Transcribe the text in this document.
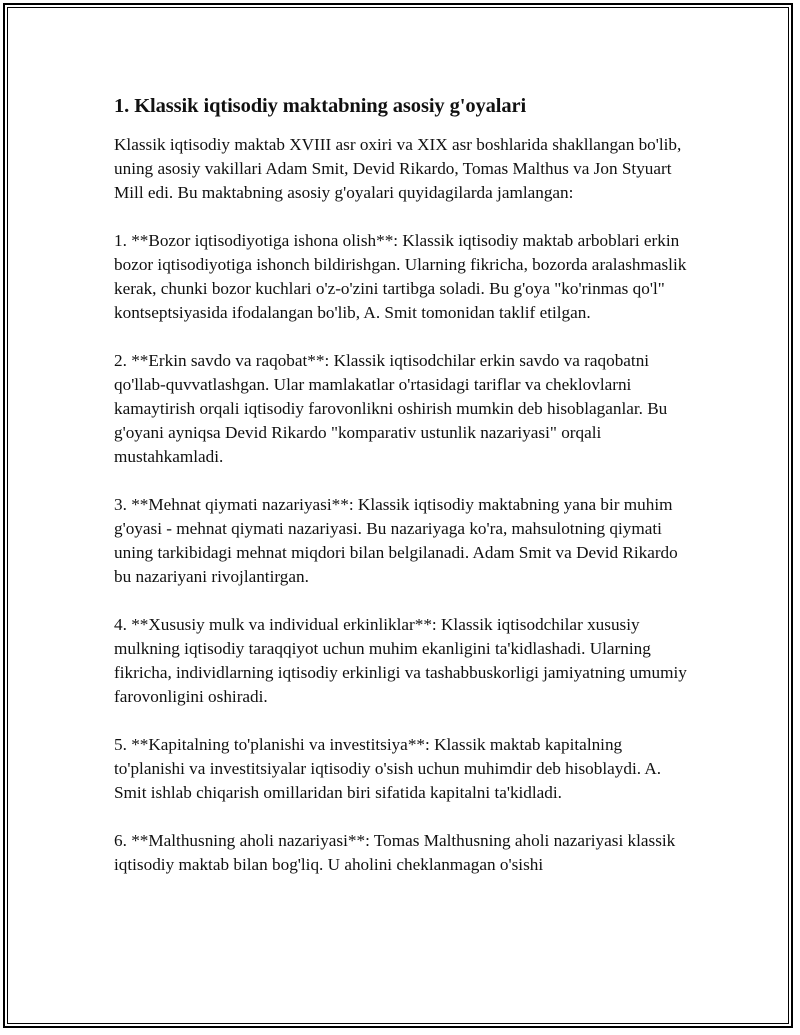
1. Klassik iqtisodiy maktabning asosiy g'oyalari

Klassik iqtisodiy maktab XVIII asr oxiri va XIX asr boshlarida shakllangan bo'lib, uning asosiy vakillari Adam Smit, Devid Rikardo, Tomas Malthus va Jon Styuart Mill edi. Bu maktabning asosiy g'oyalari quyidagilarda jamlangan:

1. **Bozor iqtisodiyotiga ishona olish**: Klassik iqtisodiy maktab arboblari erkin bozor iqtisodiyotiga ishonch bildirishgan. Ularning fikricha, bozorda aralashmaslik kerak, chunki bozor kuchlari o'z-o'zini tartibga soladi. Bu g'oya "ko'rinmas qo'l" kontseptsiyasida ifodalangan bo'lib, A. Smit tomonidan taklif etilgan.

2. **Erkin savdo va raqobat**: Klassik iqtisodchilar erkin savdo va raqobatni qo'llab-quvvatlashgan. Ular mamlakatlar o'rtasidagi tariflar va cheklovlarni kamaytirish orqali iqtisodiy farovonlikni oshirish mumkin deb hisoblaganlar. Bu g'oyani ayniqsa Devid Rikardo "komparativ ustunlik nazariyasi" orqali mustahkamladi.

3. **Mehnat qiymati nazariyasi**: Klassik iqtisodiy maktabning yana bir muhim g'oyasi - mehnat qiymati nazariyasi. Bu nazariyaga ko'ra, mahsulotning qiymati uning tarkibidagi mehnat miqdori bilan belgilanadi. Adam Smit va Devid Rikardo bu nazariyani rivojlantirgan.

4. **Xususiy mulk va individual erkinliklar**: Klassik iqtisodchilar xususiy mulkning iqtisodiy taraqqiyot uchun muhim ekanligini ta'kidlashadi. Ularning fikricha, individlarning iqtisodiy erkinligi va tashabbuskorligi jamiyatning umumiy farovonligini oshiradi.

5. **Kapitalning to'planishi va investitsiya**: Klassik maktab kapitalning to'planishi va investitsiyalar iqtisodiy o'sish uchun muhimdir deb hisoblaydi. A. Smit ishlab chiqarish omillaridan biri sifatida kapitalni ta'kidladi.

6. **Malthusning aholi nazariyasi**: Tomas Malthusning aholi nazariyasi klassik iqtisodiy maktab bilan bog'liq. U aholini cheklanmagan o'sishi
